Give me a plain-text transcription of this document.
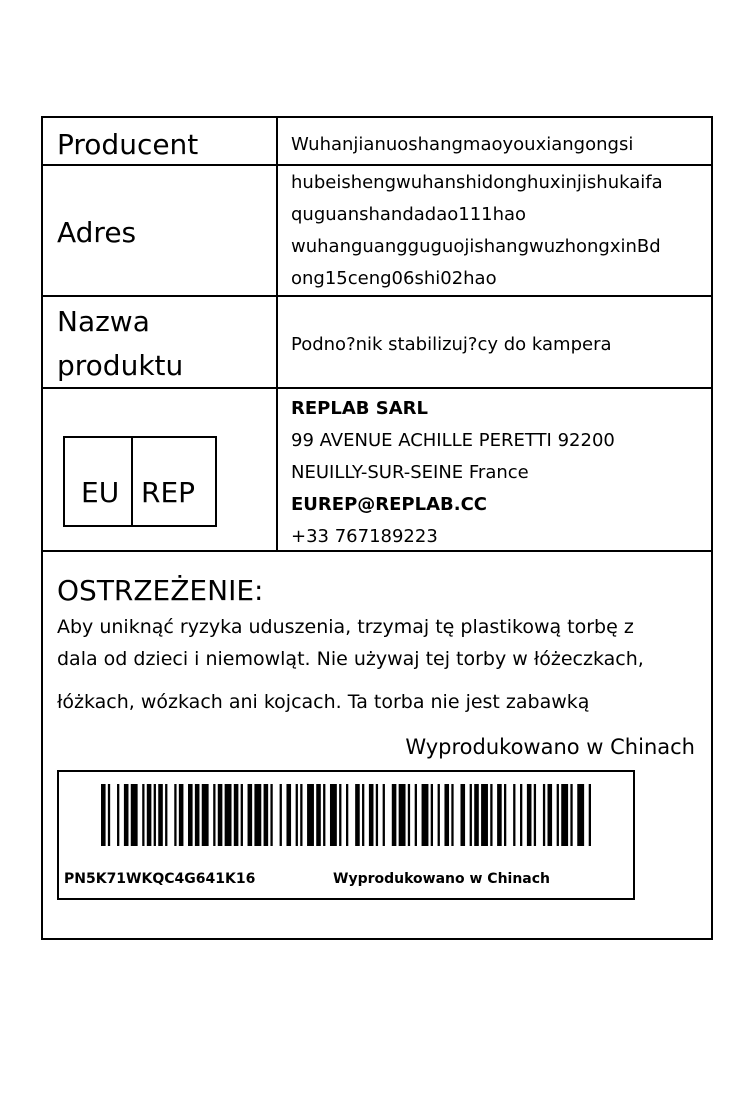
Producent	Wuhanjianuoshangmaoyouxiangongsi
Adres
hubeishengwuhanshidonghuxinjishukaifa
quguanshandadao111hao
wuhanguangguguojishangwuzhongxinBd
ong15ceng06shi02hao
Nazwa
produktu
Podno?nik stabilizuj?cy do kampera
EU REP
REPLAB SARL
99 AVENUE ACHILLE PERETTI 92200
NEUILLY-SUR-SEINE France
EUREP@REPLAB.CC
+33 767189223
OSTRZEŻENIE:
Aby uniknąć ryzyka uduszenia, trzymaj tę plastikową torbę z
dala od dzieci i niemowląt. Nie używaj tej torby w łóżeczkach,
łóżkach, wózkach ani kojcach. Ta torba nie jest zabawką
Wyprodukowano w Chinach
PN5K71WKQC4G641K16	Wyprodukowano w Chinach
